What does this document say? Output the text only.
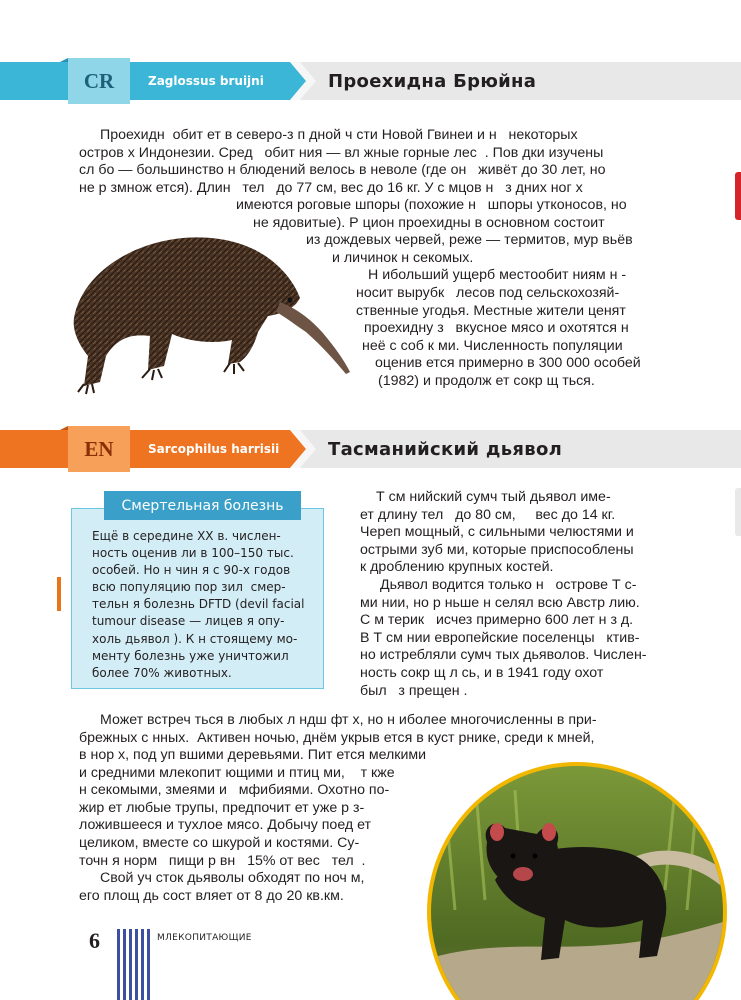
CR	Zaglossus bruijni	Проехидна Брюйна

Проехидн  обит ет в северо-з п дной ч сти Новой Гвинеи и н   некоторых

остров х Индонезии. Сред   обит ния — вл жные горные лес  . Пов дки изучены

сл бо — большинство н блюдений велось в неволе (где он   живёт до 30 лет, но

не р змнож ется). Длин   тел   до 77 см, вес до 16 кг. У с мцов н   з дних ног х

имеются роговые шпоры (похожие н   шпоры утконосов, но

не ядовитые). Р цион проехидны в основном состоит

из дождевых червей, реже — термитов, мур вьёв

и личинок н секомых.

Н ибольший ущерб местообит ниям н -

носит вырубк   лесов под сельскохозяй-

ственные угодья. Местные жители ценят

проехидну з   вкусное мясо и охотятся н

неё с соб к ми. Численность популяции

оценив ется примерно в 300 000 особей

(1982) и продолж ет сокр щ ться.

EN	Sarcophilus harrisii	Тасманийский дьявол
Смертельная болезнь

Ещё в середине XX в. числен-

ность оценив ли в 100–150 тыс.

особей. Но н чин я с 90-х годов

всю популяцию пор зил  смер-

тельн я болезнь DFTD (devil facial

tumour disease — лицев я опу-

холь дьявол ). К н стоящему мо-

менту болезнь уже уничтожил

более 70% животных.

Т см нийский сумч тый дьявол име-

ет длину тел   до 80 см,     вес до 14 кг.

Череп мощный, с сильными челюстями и

острыми зуб ми, которые приспособлены

к дроблению крупных костей.

Дьявол водится только н   острове Т с-

ми нии, но р ньше н селял всю Австр лию.

С м терик   исчез примерно 600 лет н з д.

В Т см нии европейские поселенцы   ктив-

но истребляли сумч тых дьяволов. Числен-

ность сокр щ л сь, и в 1941 году охот

был   з прещен .

Может встреч ться в любых л ндш фт х, но н иболее многочисленны в при-

брежных с нных.  Активен ночью, днём укрыв ется в куст рнике, среди к мней,

в нор х, под уп вшими деревьями. Пит ется мелкими

и средними млекопит ющими и птиц ми,    т кже

н секомыми, змеями и   мфибиями. Охотно по-

жир ет любые трупы, предпочит ет уже р з-

ложившееся и тухлое мясо. Добычу поед ет

целиком, вместе со шкурой и костями. Су-

точн я норм   пищи р вн   15% от вес   тел  .

Свой уч сток дьяволы обходят по ноч м,

его площ дь сост вляет от 8 до 20 кв.км.

6	МЛЕКОПИТАЮЩИЕ
